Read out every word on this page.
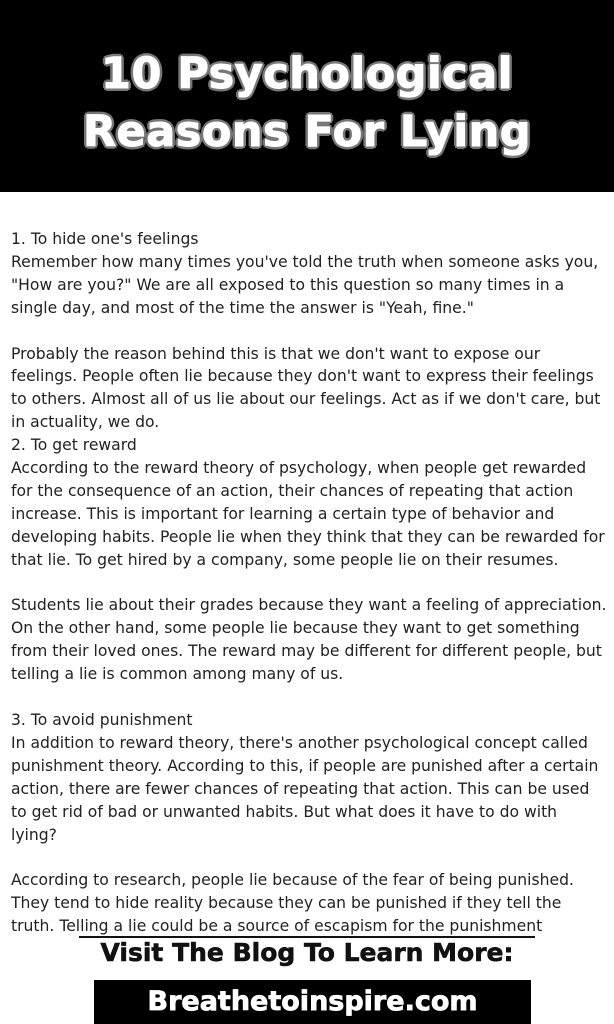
10 Psychological
Reasons For Lying

1. To hide one's feelings

Remember how many times you've told the truth when someone asks you, "How are you?" We are all exposed to this question so many times in a single day, and most of the time the answer is "Yeah, fine."

Probably the reason behind this is that we don't want to expose our feelings. People often lie because they don't want to express their feelings to others. Almost all of us lie about our feelings. Act as if we don't care, but in actuality, we do.

2. To get reward

According to the reward theory of psychology, when people get rewarded for the consequence of an action, their chances of repeating that action increase. This is important for learning a certain type of behavior and developing habits. People lie when they think that they can be rewarded for that lie. To get hired by a company, some people lie on their resumes.

Students lie about their grades because they want a feeling of appreciation. On the other hand, some people lie because they want to get something from their loved ones. The reward may be different for different people, but telling a lie is common among many of us.

3. To avoid punishment

In addition to reward theory, there's another psychological concept called punishment theory. According to this, if people are punished after a certain action, there are fewer chances of repeating that action. This can be used to get rid of bad or unwanted habits. But what does it have to do with lying?

According to research, people lie because of the fear of being punished. They tend to hide reality because they can be punished if they tell the truth. Telling a lie could be a source of escapism for the punishment

Visit The Blog To Learn More:
Breathetoinspire.com
